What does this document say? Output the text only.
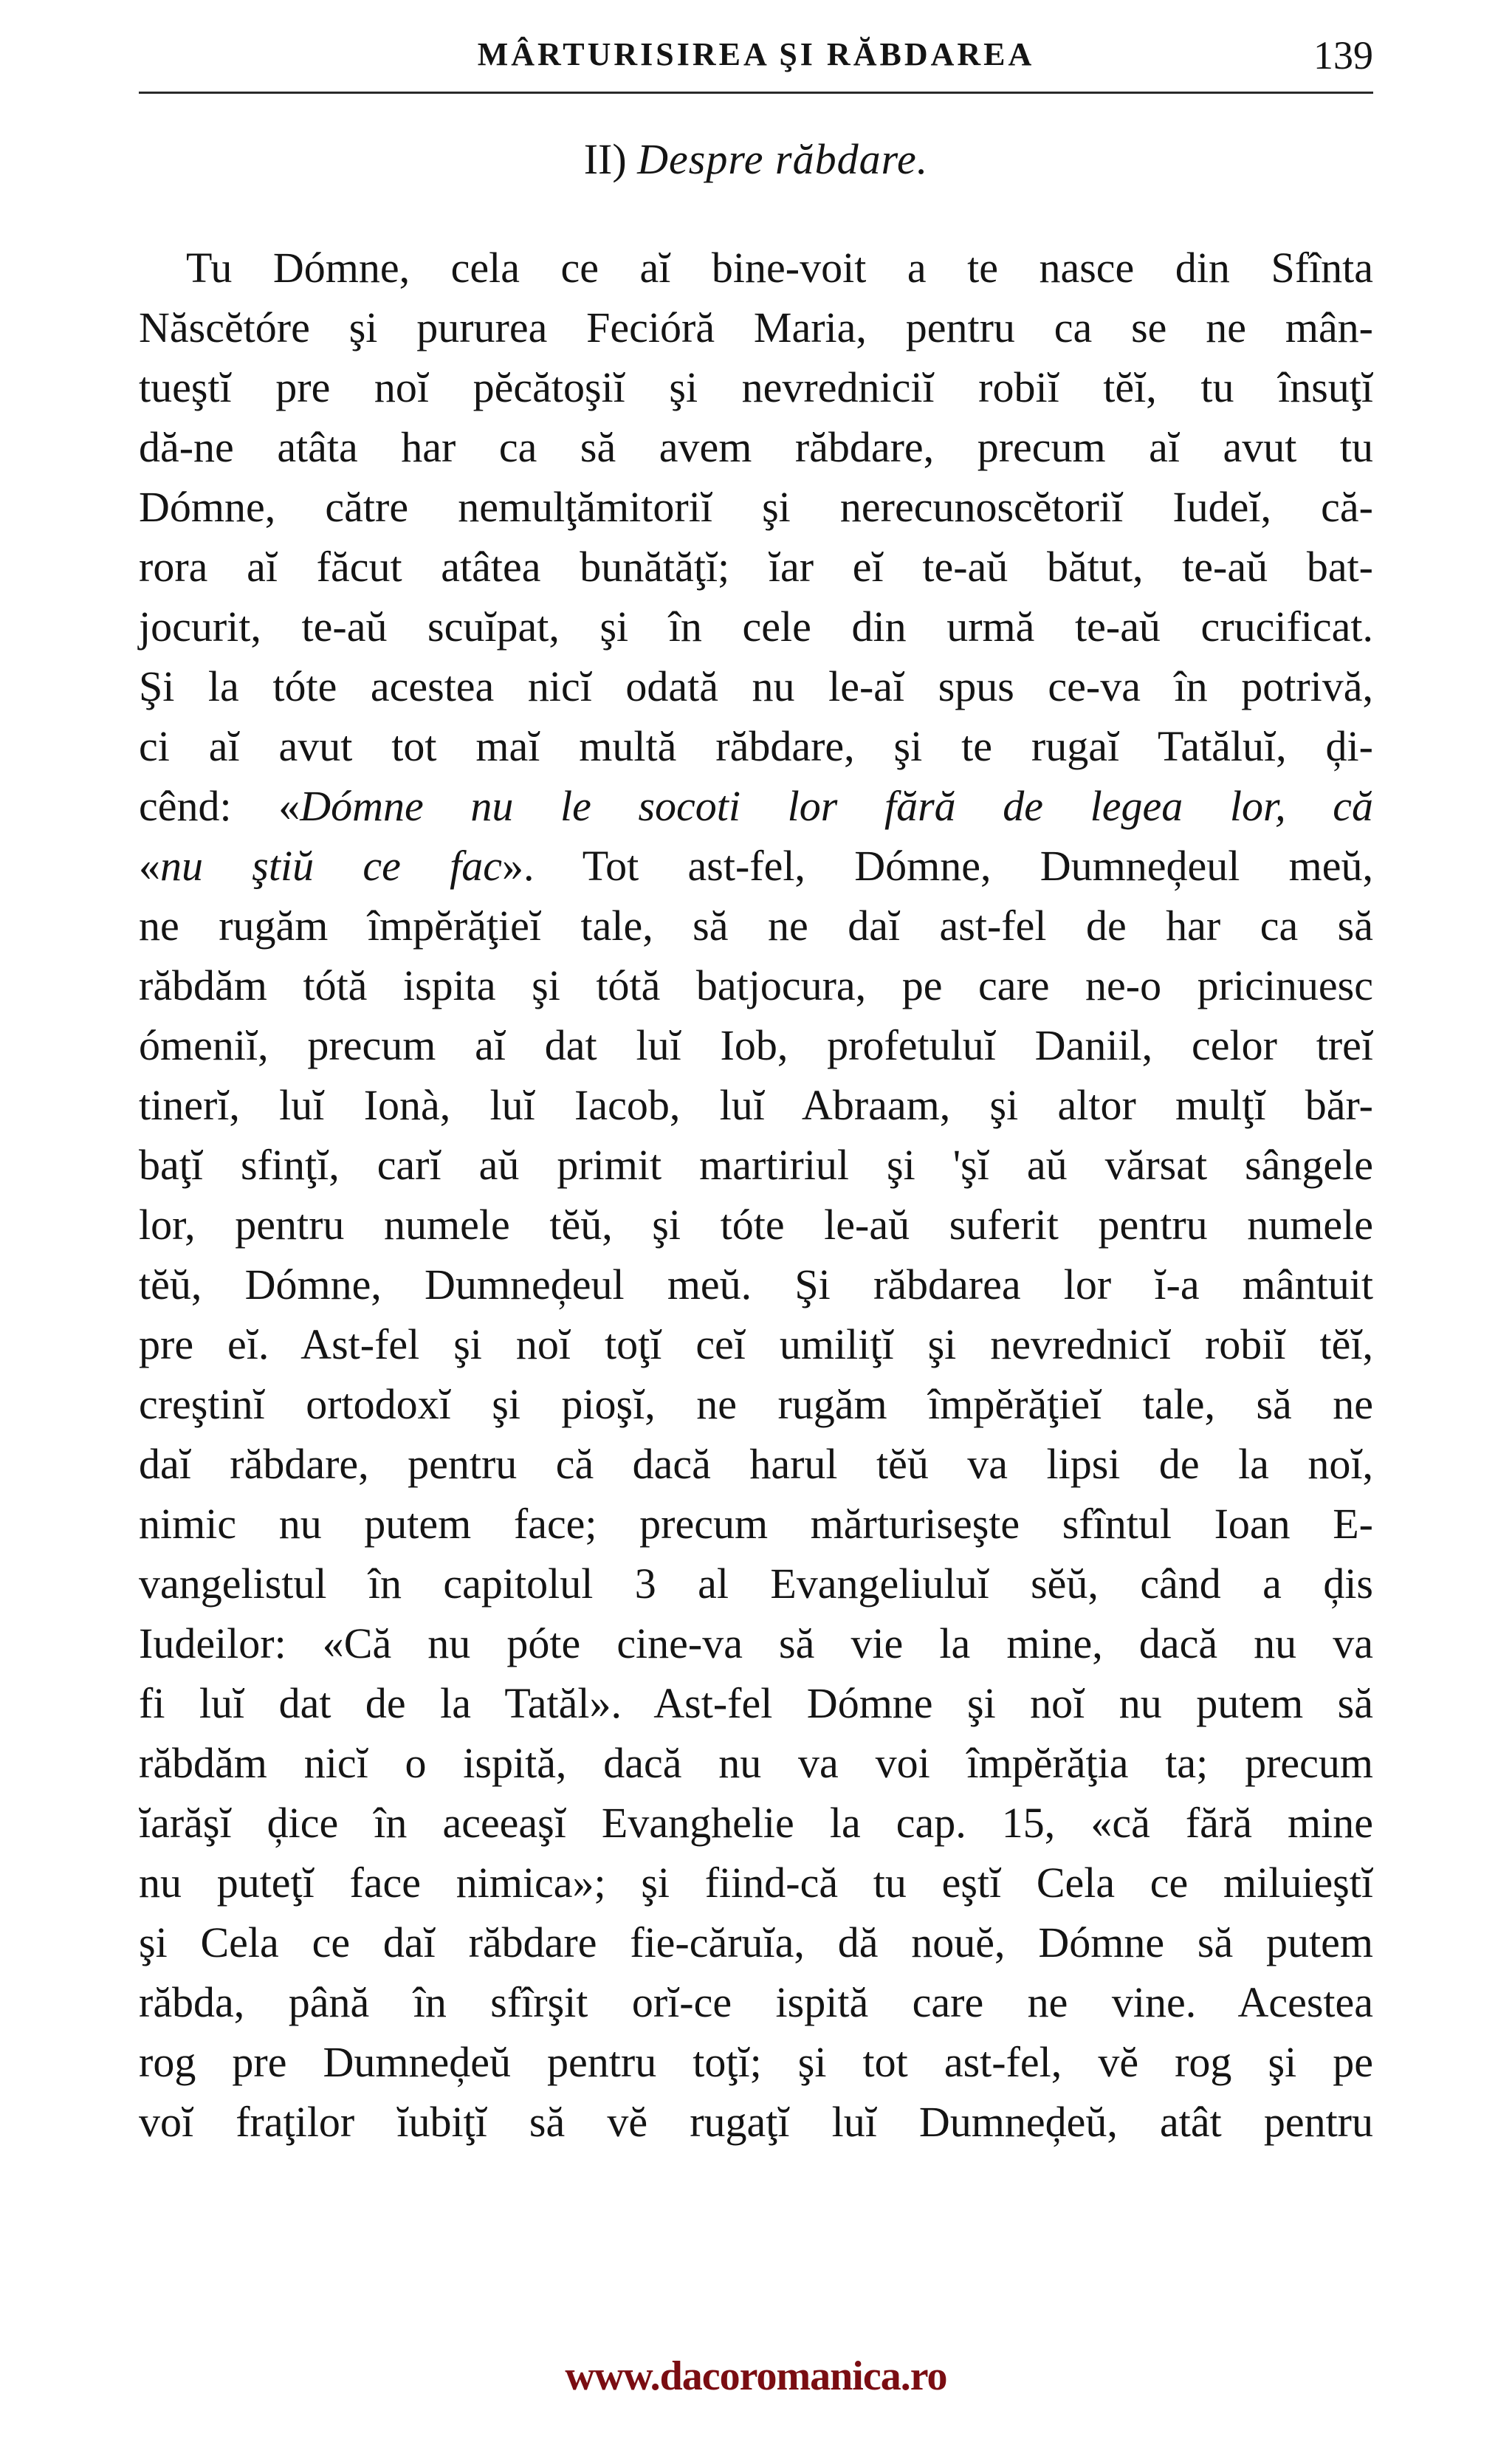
MÂRTURISIREA ŞI RĂBDAREA	139
II) Despre răbdare.
Tu Dómne, cela ce aĭ bine-voit a te nasce din Sfînta
Născĕtóre şi pururea Fecióră Maria, pentru ca se ne mân-
tueştĭ pre noĭ pĕcătoşiĭ şi nevredniciĭ robiĭ tĕĭ, tu însuţĭ
dă-ne atâta har ca să avem răbdare, precum aĭ avut tu
Dómne, către nemulţămitoriĭ şi nerecunoscĕtoriĭ Iudeĭ, că-
rora aĭ făcut atâtea bunătăţĭ; ĭar eĭ te-aŭ bătut, te-aŭ bat-
jocurit, te-aŭ scuĭpat, şi în cele din urmă te-aŭ crucificat.
Şi la tóte acestea nicĭ odată nu le-aĭ spus ce-va în potrivă,
ci aĭ avut tot maĭ multă răbdare, şi te rugaĭ Tatăluĭ, ḑi-
cênd: «Dómne nu le socoti lor fără de legea lor, că
«nu ştiŭ ce fac». Tot ast-fel, Dómne, Dumneḑeul meŭ,
ne rugăm împĕrăţieĭ tale, să ne daĭ ast-fel de har ca să
răbdăm tótă ispita şi tótă batjocura, pe care ne-o pricinuesc
ómeniĭ, precum aĭ dat luĭ Iob, profetuluĭ Daniil, celor treĭ
tinerĭ, luĭ Ionà, luĭ Iacob, luĭ Abraam, şi altor mulţĭ băr-
baţĭ sfinţĭ, carĭ aŭ primit martiriul şi 'şĭ aŭ vărsat sângele
lor, pentru numele tĕŭ, şi tóte le-aŭ suferit pentru numele
tĕŭ, Dómne, Dumneḑeul meŭ. Şi răbdarea lor ĭ-a mântuit
pre eĭ. Ast-fel şi noĭ toţĭ ceĭ umiliţĭ şi nevrednicĭ robiĭ tĕĭ,
creştinĭ ortodoxĭ şi pioşĭ, ne rugăm împĕrăţieĭ tale, să ne
daĭ răbdare, pentru că dacă harul tĕŭ va lipsi de la noĭ,
nimic nu putem face; precum mărturiseşte sfîntul Ioan E-
vangelistul în capitolul 3 al Evangeliuluĭ sĕŭ, când a ḑis
Iudeilor: «Că nu póte cine-va să vie la mine, dacă nu va
fi luĭ dat de la Tatăl». Ast-fel Dómne şi noĭ nu putem să
răbdăm nicĭ o ispită, dacă nu va voi împĕrăţia ta; precum
ĭarăşĭ ḑice în aceeaşĭ Evanghelie la cap. 15, «că fără mine
nu puteţĭ face nimica»; şi fiind-că tu eştĭ Cela ce miluieştĭ
şi Cela ce daĭ răbdare fie-căruĭa, dă nouĕ, Dómne să putem
răbda, până în sfîrşit orĭ-ce ispită care ne vine. Acestea
rog pre Dumneḑeŭ pentru toţĭ; şi tot ast-fel, vĕ rog şi pe
voĭ fraţilor ĭubiţĭ să vĕ rugaţĭ luĭ Dumneḑeŭ, atât pentru
www.dacoromanica.ro
